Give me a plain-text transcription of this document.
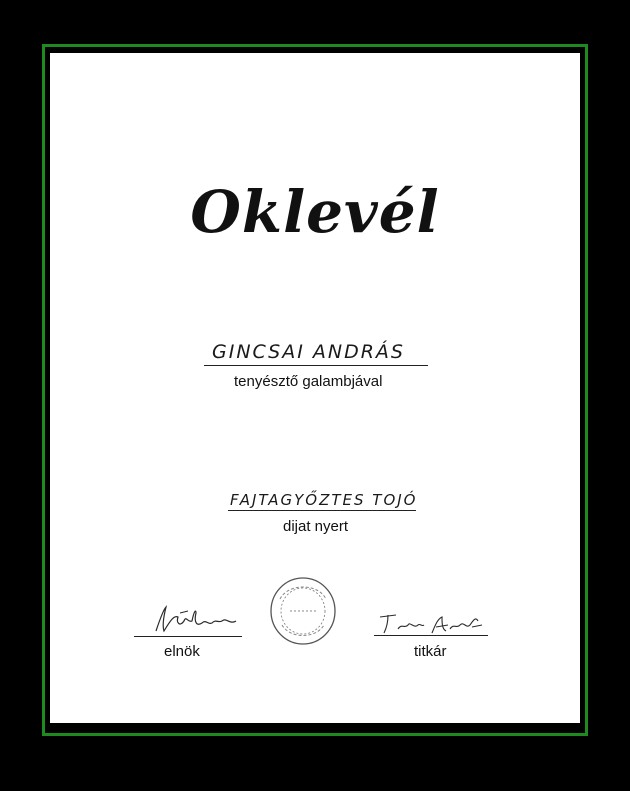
Oklevél
GINCSAI ANDRÁS
tenyésztő galambjával
FAJTAGYŐZTES TOJÓ
dijat nyert
elnök	titkár
